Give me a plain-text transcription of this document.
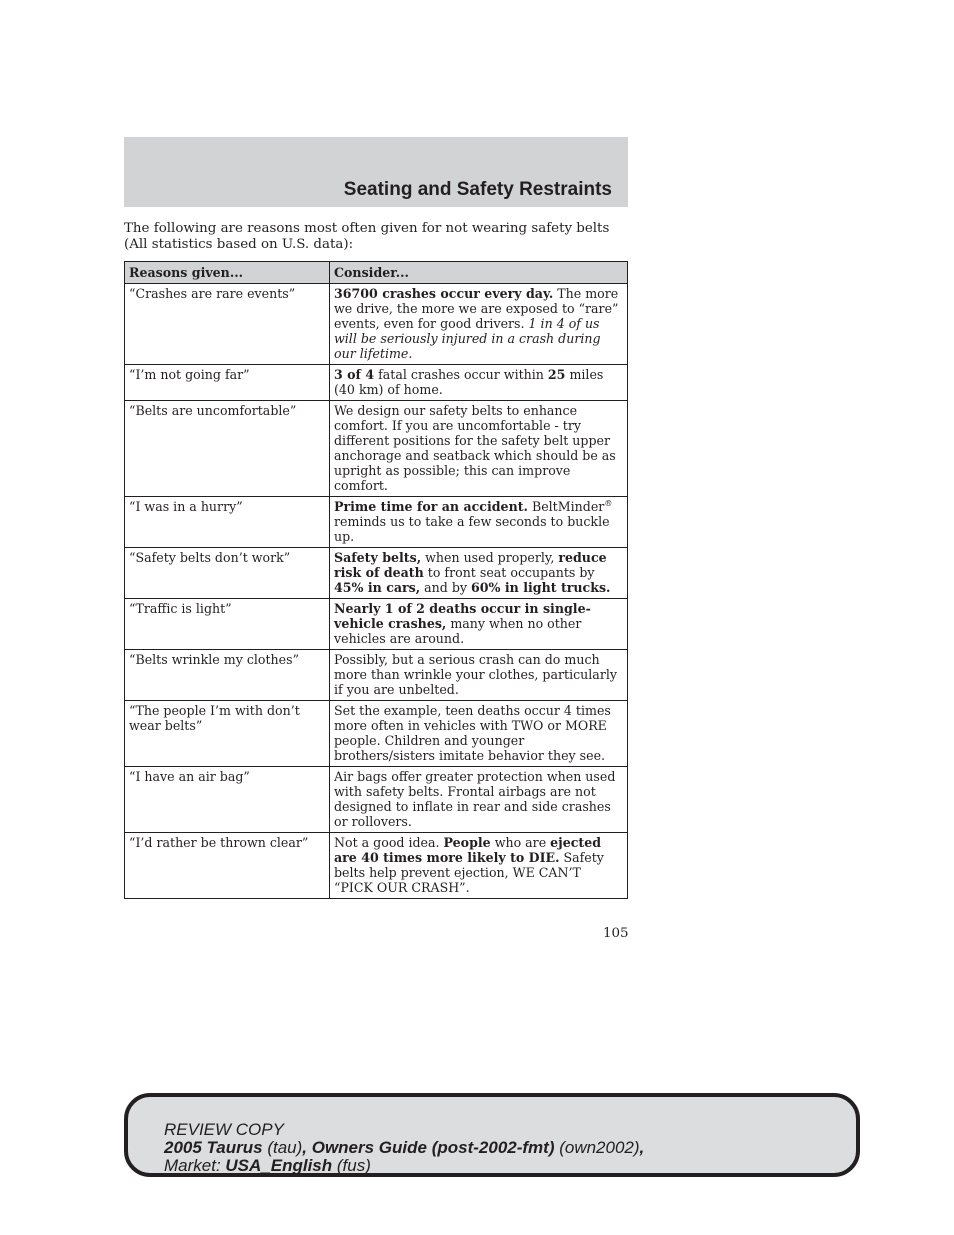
Seating and Safety Restraints

The following are reasons most often given for not wearing safety belts (All statistics based on U.S. data):

Reasons given...	Consider...
“Crashes are rare events”	36700 crashes occur every day. The more we drive, the more we are exposed to “rare” events, even for good drivers. 1 in 4 of us will be seriously injured in a crash during our lifetime.
“I’m not going far”	3 of 4 fatal crashes occur within 25 miles (40 km) of home.
“Belts are uncomfortable”	We design our safety belts to enhance comfort. If you are uncomfortable - try different positions for the safety belt upper anchorage and seatback which should be as upright as possible; this can improve comfort.
“I was in a hurry”	Prime time for an accident. BeltMinder® reminds us to take a few seconds to buckle up.
“Safety belts don’t work”	Safety belts, when used properly, reduce risk of death to front seat occupants by 45% in cars, and by 60% in light trucks.
“Traffic is light”	Nearly 1 of 2 deaths occur in single-vehicle crashes, many when no other vehicles are around.
“Belts wrinkle my clothes”	Possibly, but a serious crash can do much more than wrinkle your clothes, particularly if you are unbelted.
“The people I’m with don’t wear belts”	Set the example, teen deaths occur 4 times more often in vehicles with TWO or MORE people. Children and younger brothers/sisters imitate behavior they see.
“I have an air bag”	Air bags offer greater protection when used with safety belts. Frontal airbags are not designed to inflate in rear and side crashes or rollovers.
“I’d rather be thrown clear”	Not a good idea. People who are ejected are 40 times more likely to DIE. Safety belts help prevent ejection, WE CAN’T “PICK OUR CRASH”.
105
REVIEW COPY
2005 Taurus (tau), Owners Guide (post-2002-fmt) (own2002),
Market: USA_English (fus)
